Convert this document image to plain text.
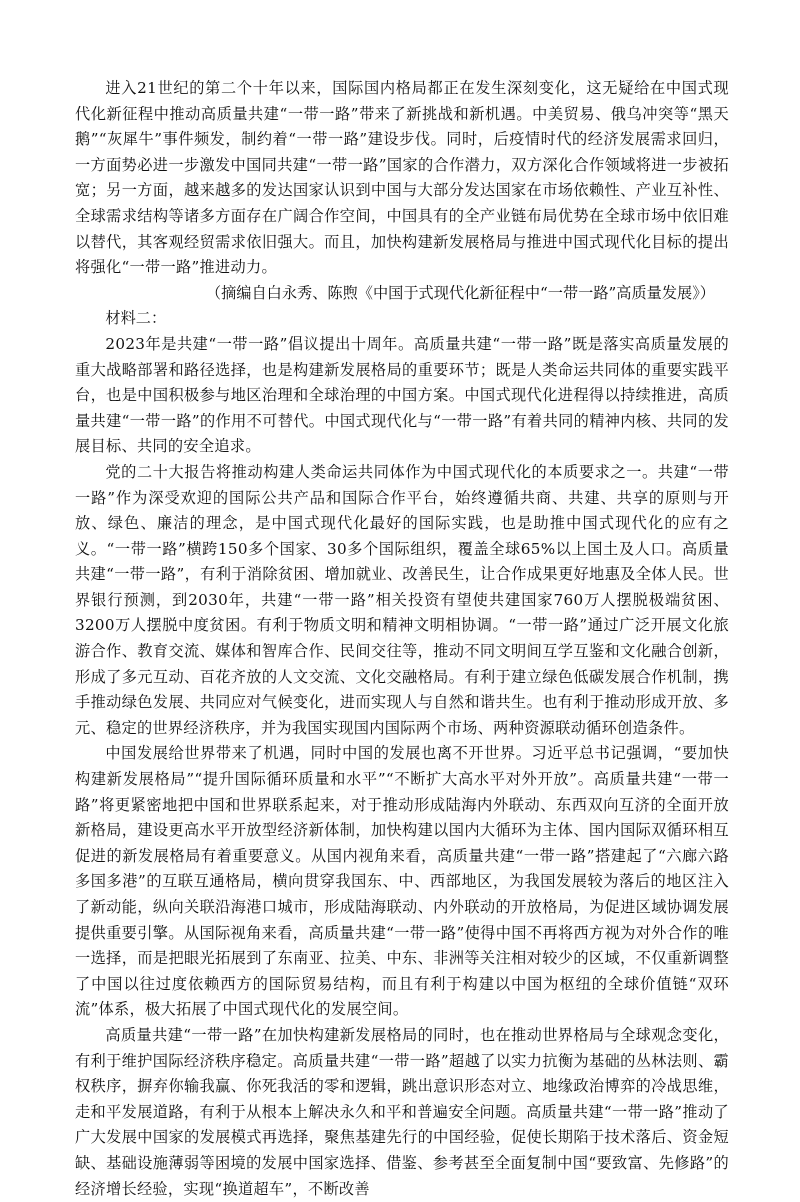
进入21世纪的第二个十年以来，国际国内格局都正在发生深刻变化，这无疑给在中国式现代化新征程中推动高质量共建“一带一路”带来了新挑战和新机遇。中美贸易、俄乌冲突等“黑天鹅”“灰犀牛”事件频发，制约着“一带一路”建设步伐。同时，后疫情时代的经济发展需求回归，一方面势必进一步激发中国同共建“一带一路”国家的合作潜力，双方深化合作领域将进一步被拓宽；另一方面，越来越多的发达国家认识到中国与大部分发达国家在市场依赖性、产业互补性、全球需求结构等诸多方面存在广阔合作空间，中国具有的全产业链布局优势在全球市场中依旧难以替代，其客观经贸需求依旧强大。而且，加快构建新发展格局与推进中国式现代化目标的提出将强化“一带一路”推进动力。

（摘编自白永秀、陈煦《中国于式现代化新征程中“一带一路”高质量发展》）

材料二：

2023年是共建“一带一路”倡议提出十周年。高质量共建“一带一路”既是落实高质量发展的重大战略部署和路径选择，也是构建新发展格局的重要环节；既是人类命运共同体的重要实践平台，也是中国积极参与地区治理和全球治理的中国方案。中国式现代化进程得以持续推进，高质量共建“一带一路”的作用不可替代。中国式现代化与“一带一路”有着共同的精神内核、共同的发展目标、共同的安全追求。

党的二十大报告将推动构建人类命运共同体作为中国式现代化的本质要求之一。共建“一带一路”作为深受欢迎的国际公共产品和国际合作平台，始终遵循共商、共建、共享的原则与开放、绿色、廉洁的理念，是中国式现代化最好的国际实践，也是助推中国式现代化的应有之义。“一带一路”横跨150多个国家、30多个国际组织，覆盖全球65%以上国土及人口。高质量共建“一带一路”，有利于消除贫困、增加就业、改善民生，让合作成果更好地惠及全体人民。世界银行预测，到2030年，共建“一带一路”相关投资有望使共建国家760万人摆脱极端贫困、3200万人摆脱中度贫困。有利于物质文明和精神文明相协调。“一带一路”通过广泛开展文化旅游合作、教育交流、媒体和智库合作、民间交往等，推动不同文明间互学互鉴和文化融合创新，形成了多元互动、百花齐放的人文交流、文化交融格局。有利于建立绿色低碳发展合作机制，携手推动绿色发展、共同应对气候变化，进而实现人与自然和谐共生。也有利于推动形成开放、多元、稳定的世界经济秩序，并为我国实现国内国际两个市场、两种资源联动循环创造条件。

中国发展给世界带来了机遇，同时中国的发展也离不开世界。习近平总书记强调，“要加快构建新发展格局”“提升国际循环质量和水平”“不断扩大高水平对外开放”。高质量共建“一带一路”将更紧密地把中国和世界联系起来，对于推动形成陆海内外联动、东西双向互济的全面开放新格局，建设更高水平开放型经济新体制，加快构建以国内大循环为主体、国内国际双循环相互促进的新发展格局有着重要意义。从国内视角来看，高质量共建“一带一路”搭建起了“六廊六路多国多港”的互联互通格局，横向贯穿我国东、中、西部地区，为我国发展较为落后的地区注入了新动能，纵向关联沿海港口城市，形成陆海联动、内外联动的开放格局，为促进区域协调发展提供重要引擎。从国际视角来看，高质量共建“一带一路”使得中国不再将西方视为对外合作的唯一选择，而是把眼光拓展到了东南亚、拉美、中东、非洲等关注相对较少的区域，不仅重新调整了中国以往过度依赖西方的国际贸易结构，而且有利于构建以中国为枢纽的全球价值链“双环流”体系，极大拓展了中国式现代化的发展空间。

高质量共建“一带一路”在加快构建新发展格局的同时，也在推动世界格局与全球观念变化，有利于维护国际经济秩序稳定。高质量共建“一带一路”超越了以实力抗衡为基础的丛林法则、霸权秩序，摒弃你输我赢、你死我活的零和逻辑，跳出意识形态对立、地缘政治博弈的冷战思维，走和平发展道路，有利于从根本上解决永久和平和普遍安全问题。高质量共建“一带一路”推动了广大发展中国家的发展模式再选择，聚焦基建先行的中国经验，促使长期陷于技术落后、资金短缺、基础设施薄弱等困境的发展中国家选择、借鉴、参考甚至全面复制中国“要致富、先修路”的经济增长经验，实现“换道超车”，不断改善
